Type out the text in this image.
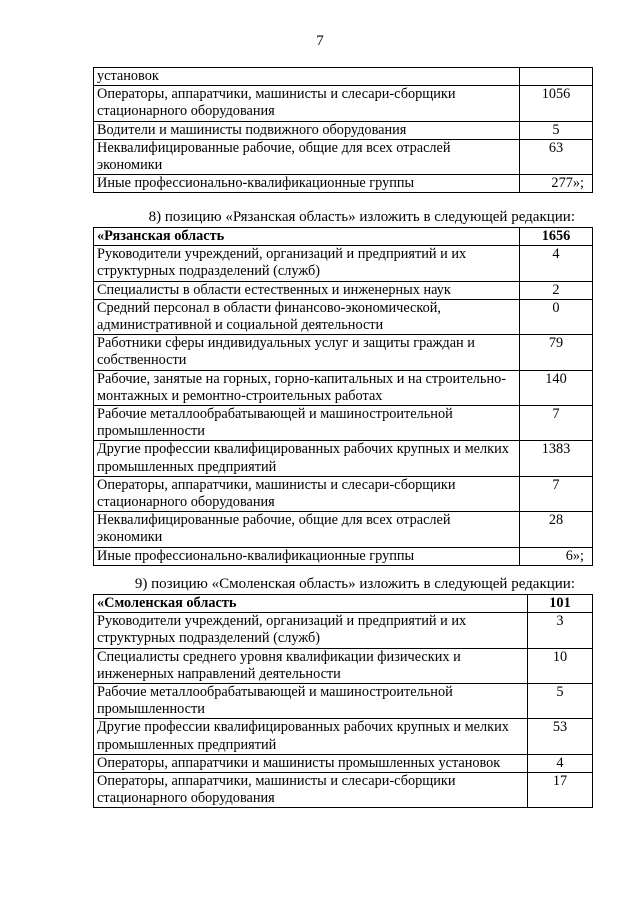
7
установок	
Операторы, аппаратчики, машинисты и слесари-сборщики стационарного оборудования	1056
Водители и машинисты подвижного оборудования	5
Неквалифицированные рабочие, общие для всех отраслей экономики	63
Иные профессионально-квалификационные группы	277»;
8) позицию «Рязанская область» изложить в следующей редакции:
«Рязанская область	1656
Руководители учреждений, организаций и предприятий и их структурных подразделений (служб)	4
Специалисты в области естественных и инженерных наук	2
Средний персонал в области финансово-экономической, административной и социальной деятельности	0
Работники сферы индивидуальных услуг и защиты граждан и собственности	79
Рабочие, занятые на горных, горно-капитальных и на строительно-монтажных и ремонтно-строительных работах	140
Рабочие металлообрабатывающей и машиностроительной промышленности	7
Другие профессии квалифицированных рабочих крупных и мелких промышленных предприятий	1383
Операторы, аппаратчики, машинисты и слесари-сборщики стационарного оборудования	7
Неквалифицированные рабочие, общие для всех отраслей экономики	28
Иные профессионально-квалификационные группы	6»;
9) позицию «Смоленская область» изложить в следующей редакции:
«Смоленская область	101
Руководители учреждений, организаций и предприятий и их структурных подразделений (служб)	3
Специалисты среднего уровня квалификации физических и инженерных направлений деятельности	10
Рабочие металлообрабатывающей и машиностроительной промышленности	5
Другие профессии квалифицированных рабочих крупных и мелких промышленных предприятий	53
Операторы, аппаратчики и машинисты промышленных установок	4
Операторы, аппаратчики, машинисты и слесари-сборщики стационарного оборудования	17
